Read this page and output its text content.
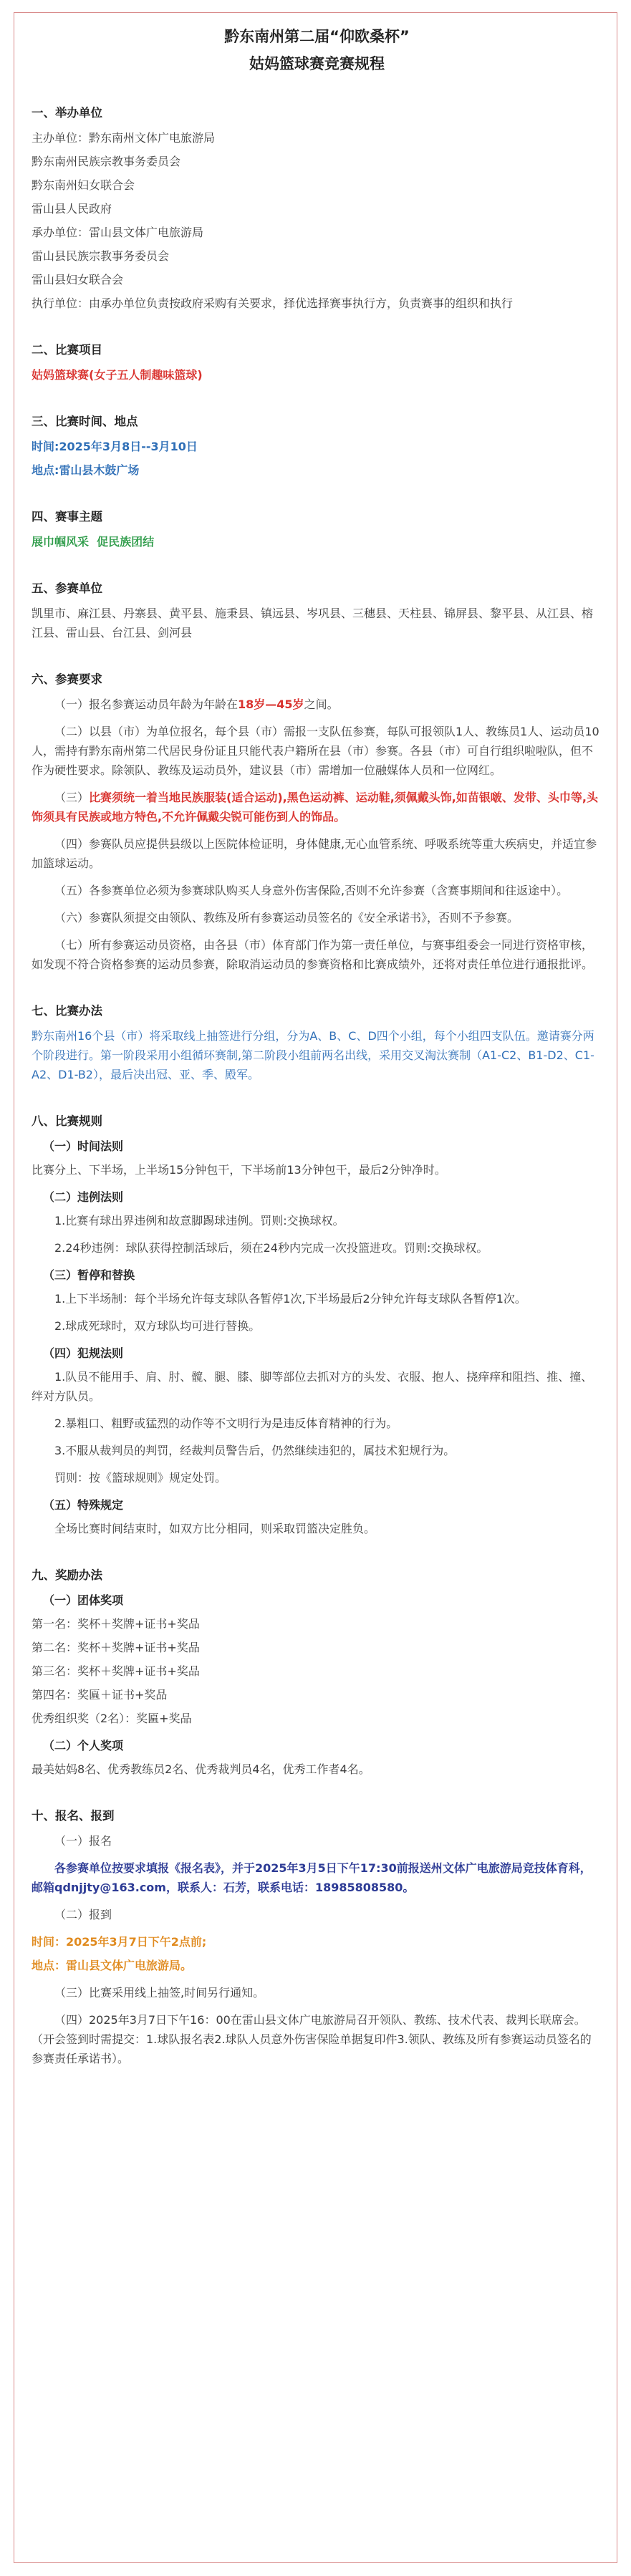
黔东南州第二届“仰欧桑杯”
姑妈篮球赛竞赛规程
一、举办单位
主办单位：黔东南州文体广电旅游局
黔东南州民族宗教事务委员会
黔东南州妇女联合会
雷山县人民政府
承办单位：雷山县文体广电旅游局
雷山县民族宗教事务委员会
雷山县妇女联合会
执行单位：由承办单位负责按政府采购有关要求，择优选择赛事执行方，负责赛事的组织和执行
二、比赛项目
姑妈篮球赛(女子五人制趣味篮球)
三、比赛时间、地点
时间:2025年3月8日--3月10日
地点:雷山县木鼓广场
四、赛事主题
展巾帼风采  促民族团结
五、参赛单位
凯里市、麻江县、丹寨县、黄平县、施秉县、镇远县、岑巩县、三穗县、天柱县、锦屏县、黎平县、从江县、榕江县、雷山县、台江县、剑河县
六、参赛要求
（一）报名参赛运动员年龄为年龄在18岁—45岁之间。
（二）以县（市）为单位报名，每个县（市）需报一支队伍参赛，每队可报领队1人、教练员1人、运动员10人，需持有黔东南州第二代居民身份证且只能代表户籍所在县（市）参赛。各县（市）可自行组织啦啦队，但不作为硬性要求。除领队、教练及运动员外，建议县（市）需增加一位融媒体人员和一位网红。
（三）比赛须统一着当地民族服装(适合运动),黑色运动裤、运动鞋,须佩戴头饰,如苗银啵、发带、头巾等,头饰须具有民族或地方特色,不允许佩戴尖锐可能伤到人的饰品。
（四）参赛队员应提供县级以上医院体检证明，身体健康,无心血管系统、呼吸系统等重大疾病史，并适宜参加篮球运动。
（五）各参赛单位必须为参赛球队购买人身意外伤害保险,否则不允许参赛（含赛事期间和往返途中）。
（六）参赛队须提交由领队、教练及所有参赛运动员签名的《安全承诺书》，否则不予参赛。
（七）所有参赛运动员资格，由各县（市）体育部门作为第一责任单位，与赛事组委会一同进行资格审核，如发现不符合资格参赛的运动员参赛，除取消运动员的参赛资格和比赛成绩外，还将对责任单位进行通报批评。
七、比赛办法
黔东南州16个县（市）将采取线上抽签进行分组，分为A、B、C、D四个小组，每个小组四支队伍。邀请赛分两个阶段进行。第一阶段采用小组循环赛制,第二阶段小组前两名出线，采用交叉淘汰赛制（A1-C2、B1-D2、C1-A2、D1-B2），最后决出冠、亚、季、殿军。
八、比赛规则
（一）时间法则
比赛分上、下半场，上半场15分钟包干，下半场前13分钟包干，最后2分钟净时。
（二）违例法则
1.比赛有球出界违例和故意脚踢球违例。罚则:交换球权。
2.24秒违例：球队获得控制活球后，须在24秒内完成一次投篮进攻。罚则:交换球权。
（三）暂停和替换
1.上下半场制：每个半场允许每支球队各暂停1次,下半场最后2分钟允许每支球队各暂停1次。
2.球成死球时，双方球队均可进行替换。
（四）犯规法则
1.队员不能用手、肩、肘、髋、腿、膝、脚等部位去抓对方的头发、衣服、抱人、挠痒痒和阻挡、推、撞、绊对方队员。
2.暴粗口、粗野或猛烈的动作等不文明行为是违反体育精神的行为。
3.不服从裁判员的判罚，经裁判员警告后，仍然继续违犯的，属技术犯规行为。
罚则：按《篮球规则》规定处罚。
（五）特殊规定
全场比赛时间结束时，如双方比分相同，则采取罚篮决定胜负。
九、奖励办法
（一）团体奖项
第一名：奖杯＋奖牌+证书+奖品
第二名：奖杯＋奖牌+证书+奖品
第三名：奖杯＋奖牌+证书+奖品
第四名：奖匾＋证书+奖品
优秀组织奖（2名）：奖匾+奖品
（二）个人奖项
最美姑妈8名、优秀教练员2名、优秀裁判员4名，优秀工作者4名。
十、报名、报到
（一）报名
各参赛单位按要求填报《报名表》，并于2025年3月5日下午17:30前报送州文体广电旅游局竞技体育科，邮箱qdnjjty@163.com，联系人：石芳，联系电话：18985808580。
（二）报到
时间：2025年3月7日下午2点前;
地点：雷山县文体广电旅游局。
（三）比赛采用线上抽签,时间另行通知。
（四）2025年3月7日下午16：00在雷山县文体广电旅游局召开领队、教练、技术代表、裁判长联席会。（开会签到时需提交：1.球队报名表2.球队人员意外伤害保险单据复印件3.领队、教练及所有参赛运动员签名的参赛责任承诺书）。
